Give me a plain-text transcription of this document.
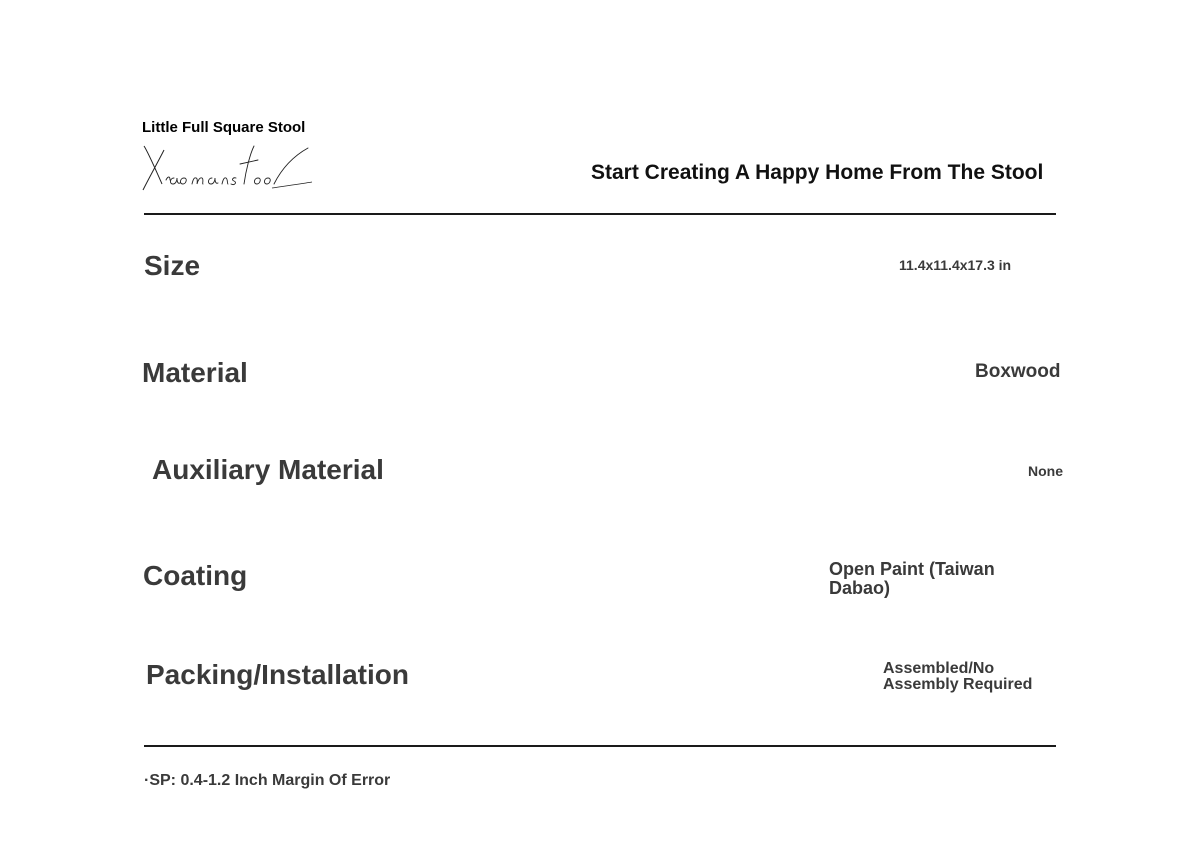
Little Full Square Stool
Start Creating A Happy Home From The Stool
Size	11.4x11.4x17.3 in
Material	Boxwood
Auxiliary Material	None
Coating	Open Paint (Taiwan Dabao)
Packing/Installation	Assembled/No Assembly Required
·SP: 0.4-1.2 Inch Margin Of Error
